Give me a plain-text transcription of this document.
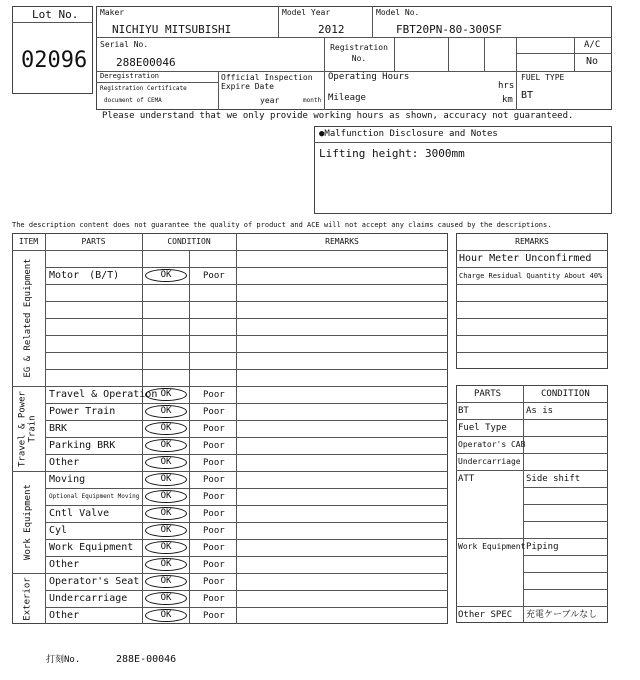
Lot No.
02096
Maker
NICHIYU MITSUBISHI
Model Year
2012
Model No.
FBT20PN-80-300SF
Serial No.
288E00046
Registration No.
A/C
No
Deregistration
Registration Certificate
document of CEMA
Official Inspection Expire Date
year	month
Operating Hours
hrs
Mileage	km
FUEL TYPE
BT
Please understand that we only provide working hours as shown, accuracy not guaranteed.
●Malfunction Disclosure and Notes
Lifting height: 3000mm
The description content does not guarantee the quality of product and ACE will not accept any claims caused by the descriptions.
ITEM	PARTS	CONDITION	REMARKS
EG & Related Equipment	Motor　(B/T)	OK	Poor
Travel & Power Train
Travel & Operation OK	Poor
Power Train	OK	Poor
BRK	OK	Poor
Parking BRK	OK	Poor
Other	OK	Poor
Work Equipment
Moving	OK	Poor
Optional Equipment Moving	OK	Poor
Cntl Valve	OK	Poor
Cyl	OK	Poor
Work Equipment	OK	Poor
Other	OK	Poor
Exterior	Operator's Seat	OK	Poor
Undercarriage	OK	Poor
Other	OK	Poor
REMARKS
Hour Meter Unconfirmed
Charge Residual Quantity About 40%
PARTS	CONDITION
BT	As is
Fuel Type
Operator's CAB
Undercarriage
ATT	Side shift
Work Equipment Piping
Other SPEC 充電ケーブルなし
打刻No.	288E-00046
